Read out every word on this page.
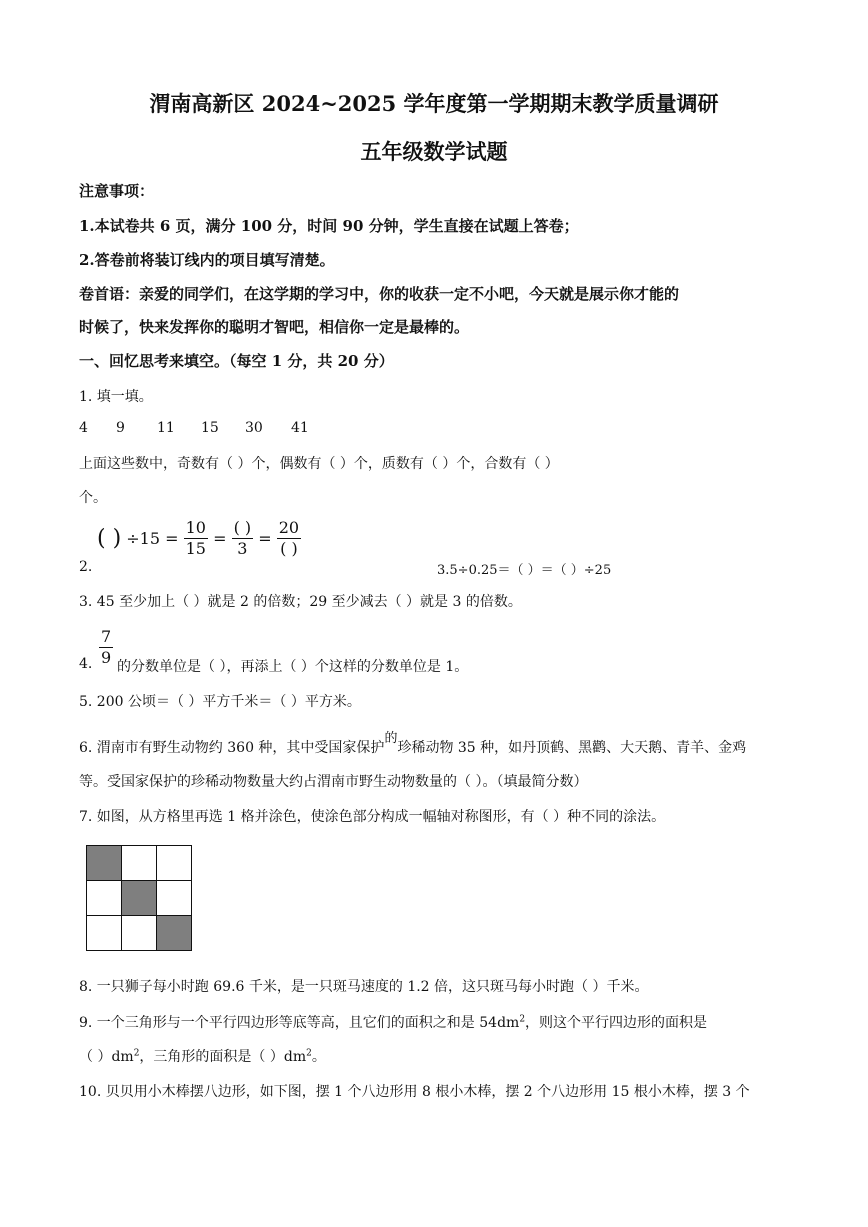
渭南高新区 2024~2025 学年度第一学期期末教学质量调研
五年级数学试题
注意事项：
1.本试卷共 6 页，满分 100 分，时间 90 分钟，学生直接在试题上答卷；
2.答卷前将装订线内的项目填写清楚。
卷首语：亲爱的同学们，在这学期的学习中，你的收获一定不小吧，今天就是展示你才能的
时候了，快来发挥你的聪明才智吧，相信你一定是最棒的。
一、回忆思考来填空。（每空 1 分，共 20 分）
1. 填一填。
4 9 11 15 30 41
上面这些数中，奇数有（ ）个，偶数有（ ）个，质数有（ ）个，合数有（ ）
个。
2.
( ) $\div 15 = \frac{10}{15} = \frac{( )}{3} = \frac{20}{( )}$
3.5÷0.25＝（ ）＝（ ）÷25
3. 45 至少加上（ ）就是 2 的倍数；29 至少减去（ ）就是 3 的倍数。
4. $\frac{7}{9}$ 的分数单位是（ ），再添上（ ）个这样的分数单位是 1。
5. 200 公顷＝（ ）平方千米＝（ ）平方米。
6. 渭南市有野生动物约 360 种，其中受国家保护的珍稀动物 35 种，如丹顶鹤、黑鹳、大天鹅、青羊、金鸡
等。受国家保护的珍稀动物数量大约占渭南市野生动物数量的（ ）。（填最简分数）
7. 如图，从方格里再选 1 格并涂色，使涂色部分构成一幅轴对称图形，有（ ）种不同的涂法。

8. 一只狮子每小时跑 69.6 千米，是一只斑马速度的 1.2 倍，这只斑马每小时跑（ ）千米。
9. 一个三角形与一个平行四边形等底等高，且它们的面积之和是 $54dm^2$，则这个平行四边形的面积是
（ ）$dm^2$，三角形的面积是（ ）$dm^2$。
10. 贝贝用小木棒摆八边形，如下图，摆 1 个八边形用 8 根小木棒，摆 2 个八边形用 15 根小木棒，摆 3 个
